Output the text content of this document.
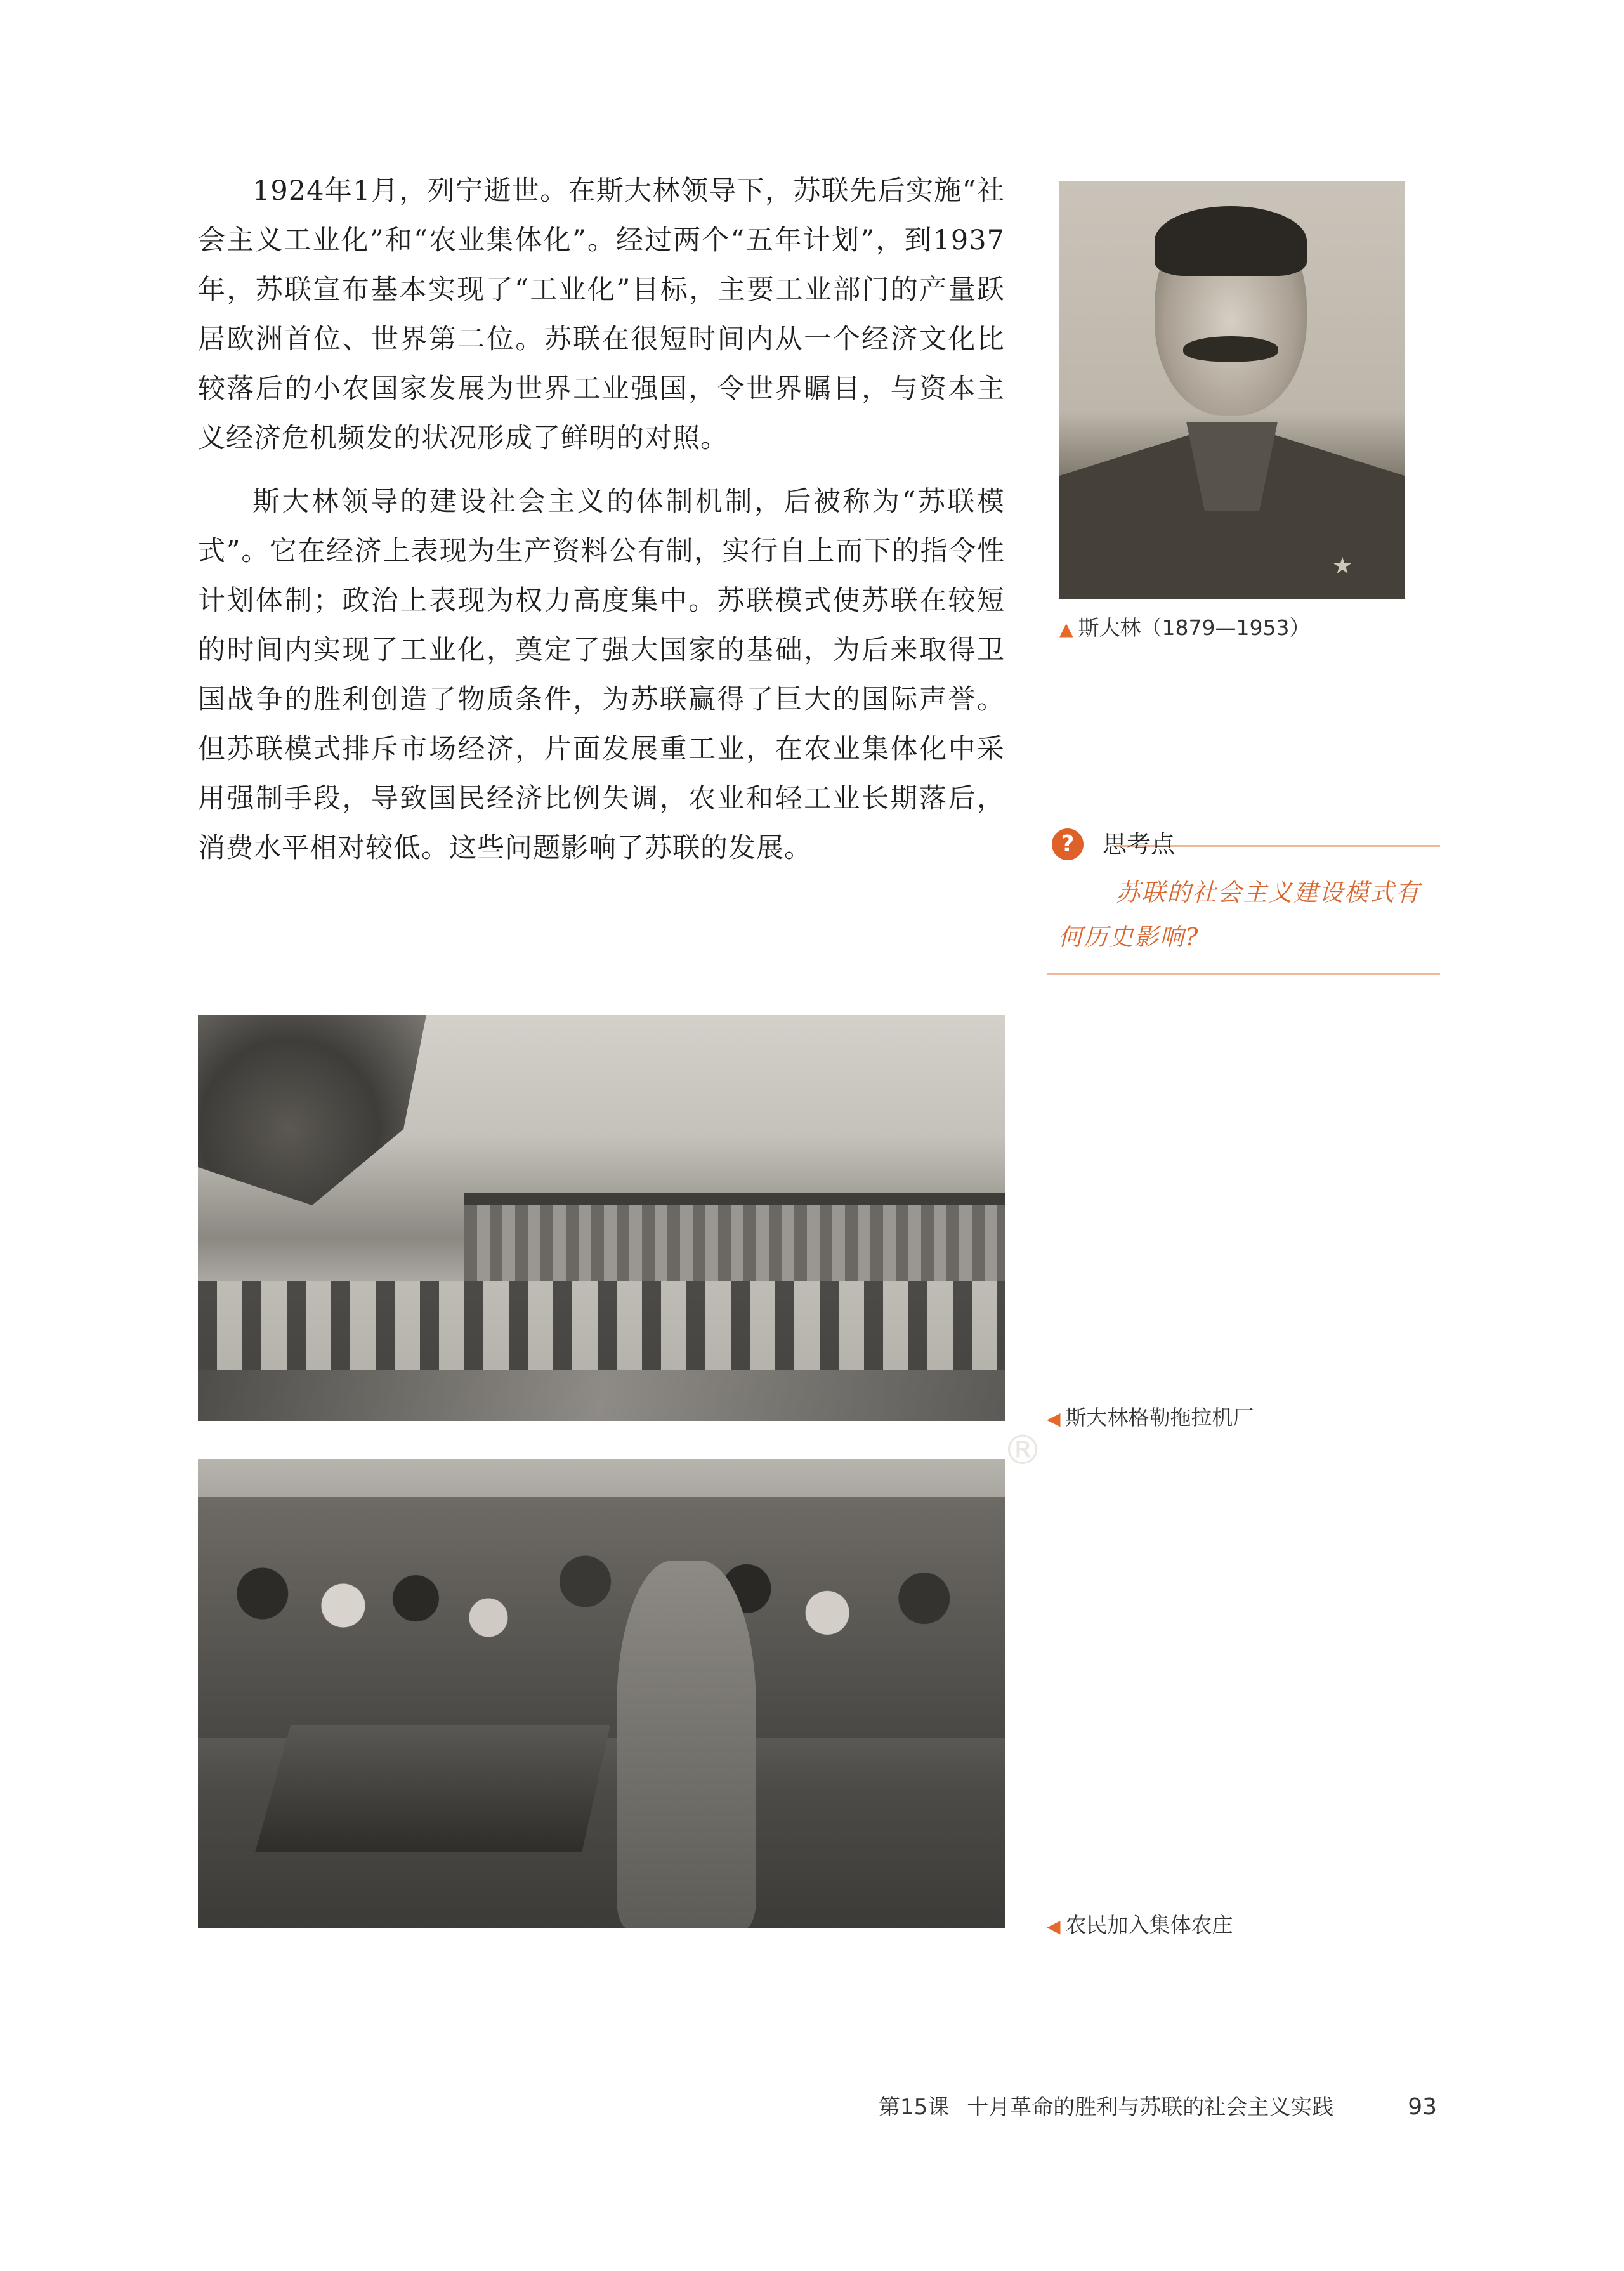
1924年1月，列宁逝世。在斯大林领导下，苏联先后实施“社会主义工业化”和“农业集体化”。经过两个“五年计划”，到1937年，苏联宣布基本实现了“工业化”目标，主要工业部门的产量跃居欧洲首位、世界第二位。苏联在很短时间内从一个经济文化比较落后的小农国家发展为世界工业强国，令世界瞩目，与资本主义经济危机频发的状况形成了鲜明的对照。

斯大林领导的建设社会主义的体制机制，后被称为“苏联模式”。它在经济上表现为生产资料公有制，实行自上而下的指令性计划体制；政治上表现为权力高度集中。苏联模式使苏联在较短的时间内实现了工业化，奠定了强大国家的基础，为后来取得卫国战争的胜利创造了物质条件，为苏联赢得了巨大的国际声誉。但苏联模式排斥市场经济，片面发展重工业，在农业集体化中采用强制手段，导致国民经济比例失调，农业和轻工业长期落后，消费水平相对较低。这些问题影响了苏联的发展。

★
▲ 斯大林（1879—1953）
?	思考点
苏联的社会主义建设模式有何历史影响?
◀ 斯大林格勒拖拉机厂
◀ 农民加入集体农庄
®
第15课 十月革命的胜利与苏联的社会主义实践	93
